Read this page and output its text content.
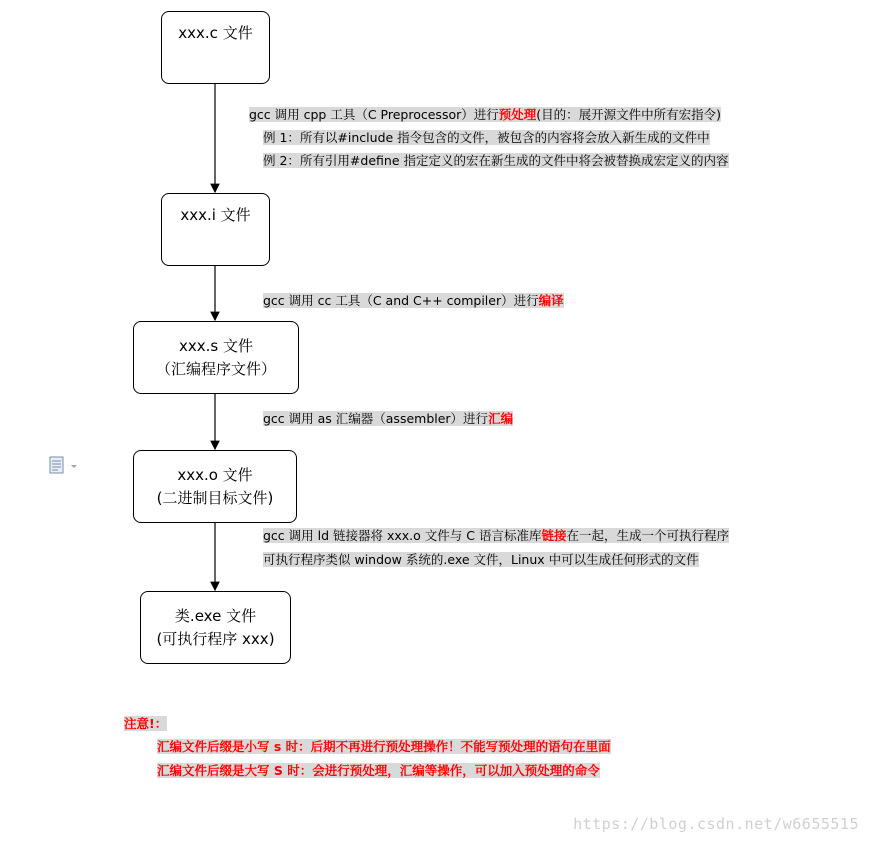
xxx.c 文件
xxx.i 文件
xxx.s 文件
（汇编程序文件）
xxx.o 文件
(二进制目标文件)
类.exe 文件
(可执行程序 xxx)
gcc 调用 cpp 工具（C Preprocessor）进行预处理(目的：展开源文件中所有宏指令)
例 1：所有以#include 指令包含的文件，被包含的内容将会放入新生成的文件中
例 2：所有引用#define 指定定义的宏在新生成的文件中将会被替换成宏定义的内容
gcc 调用 cc 工具（C and C++ compiler）进行编译
gcc 调用 as 汇编器（assembler）进行汇编
gcc 调用 ld 链接器将 xxx.o 文件与 C 语言标准库链接在一起，生成一个可执行程序
可执行程序类似 window 系统的.exe 文件，Linux 中可以生成任何形式的文件
注意!：
汇编文件后缀是小写 s 时：后期不再进行预处理操作！不能写预处理的语句在里面
汇编文件后缀是大写 S 时：会进行预处理，汇编等操作，可以加入预处理的命令
https://blog.csdn.net/w6655515
